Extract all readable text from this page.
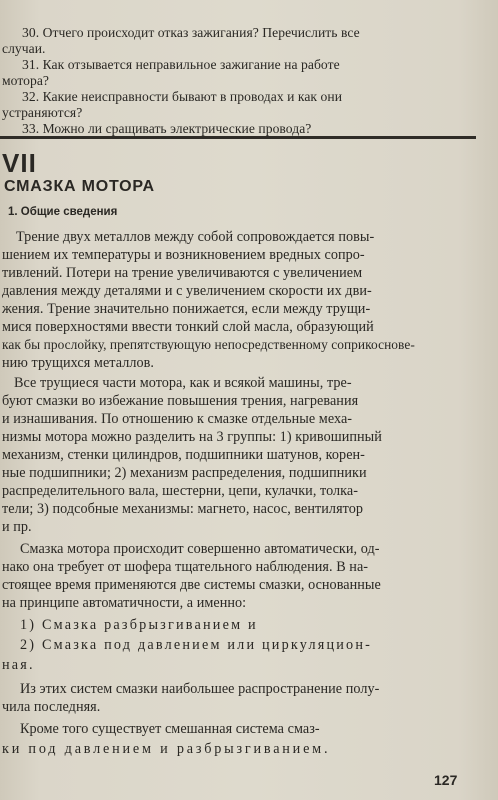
30. Отчего происходит отказ зажигания? Перечислить все
случаи.
31. Как отзывается неправильное зажигание на работе
мотора?
32. Какие неисправности бывают в проводах и как они
устраняются?
33. Можно ли сращивать электрические провода?
VII
СМАЗКА МОТОРА
1. Общие сведения
Трение двух металлов между собой сопровождается повы-
шением их температуры и возникновением вредных сопро-
тивлений. Потери на трение увеличиваются с увеличением
давления между деталями и с увеличением скорости их дви-
жения. Трение значительно понижается, если между трущи-
мися поверхностями ввести тонкий слой масла, образующий
как бы прослойку, препятствующую непосредственному соприкоснове-
нию трущихся металлов.
Все трущиеся части мотора, как и всякой машины, тре-
буют смазки во избежание повышения трения, нагревания
и изнашивания. По отношению к смазке отдельные меха-
низмы мотора можно разделить на 3 группы: 1) кривошипный
механизм, стенки цилиндров, подшипники шатунов, корен-
ные подшипники; 2) механизм распределения, подшипники
распределительного вала, шестерни, цепи, кулачки, толка-
тели; 3) подсобные механизмы: магнето, насос, вентилятор
и пр.
Смазка мотора происходит совершенно автоматически, од-
нако она требует от шофера тщательного наблюдения. В на-
стоящее время применяются две системы смазки, основанные
на принципе автоматичности, а именно:
1) Смазка разбрызгиванием и
2) Смазка под давлением или циркуляцион-
ная.
Из этих систем смазки наибольшее распространение полу-
чила последняя.
Кроме того существует смешанная система смаз-
ки под давлением и разбрызгиванием.
127
